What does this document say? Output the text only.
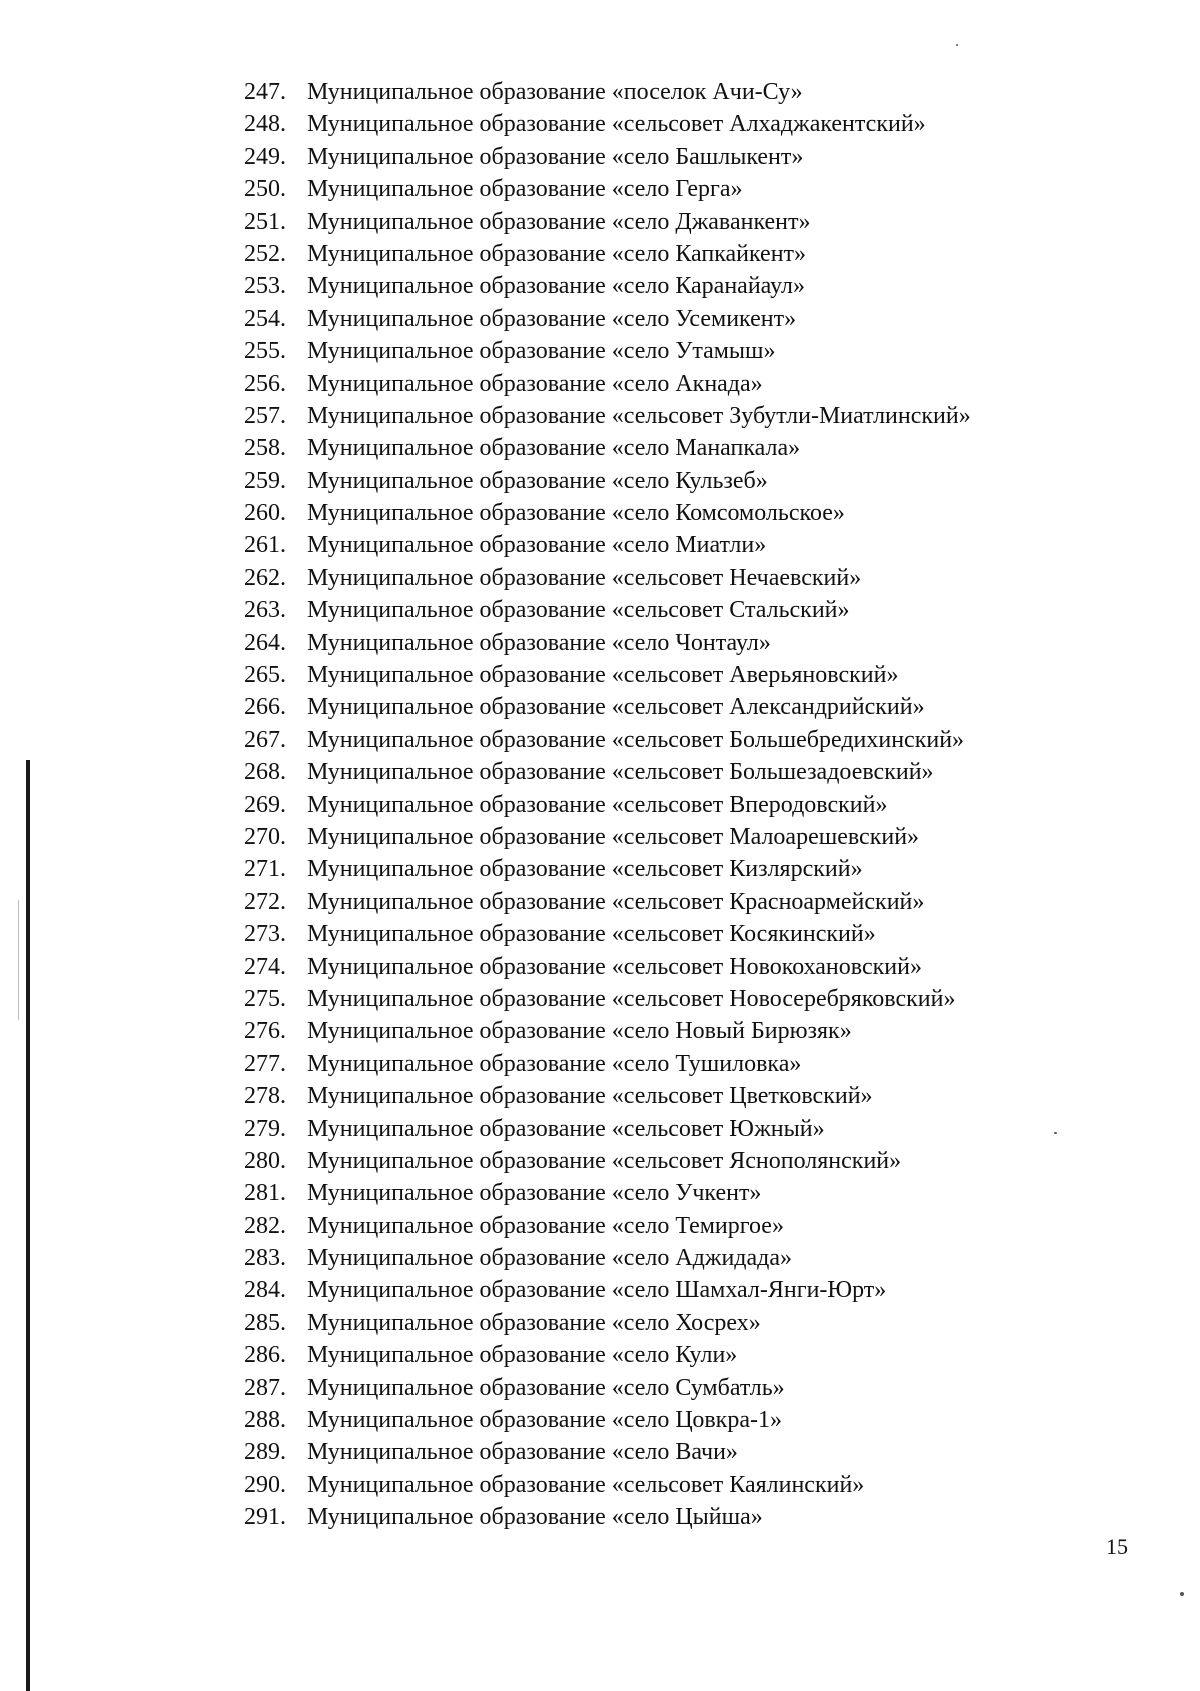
247. Муниципальное образование «поселок Ачи-Су»
248. Муниципальное образование «сельсовет Алхаджакентский»
249. Муниципальное образование «село Башлыкент»
250. Муниципальное образование «село Герга»
251. Муниципальное образование «село Джаванкент»
252. Муниципальное образование «село Капкайкент»
253. Муниципальное образование «село Каранайаул»
254. Муниципальное образование «село Усемикент»
255. Муниципальное образование «село Утамыш»
256. Муниципальное образование «село Акнада»
257. Муниципальное образование «сельсовет Зубутли-Миатлинский»
258. Муниципальное образование «село Манапкала»
259. Муниципальное образование «село Кульзеб»
260. Муниципальное образование «село Комсомольское»
261. Муниципальное образование «село Миатли»
262. Муниципальное образование «сельсовет Нечаевский»
263. Муниципальное образование «сельсовет Стальский»
264. Муниципальное образование «село Чонтаул»
265. Муниципальное образование «сельсовет Аверьяновский»
266. Муниципальное образование «сельсовет Александрийский»
267. Муниципальное образование «сельсовет Большебредихинский»
268. Муниципальное образование «сельсовет Большезадоевский»
269. Муниципальное образование «сельсовет Вперодовский»
270. Муниципальное образование «сельсовет Малоарешевский»
271. Муниципальное образование «сельсовет Кизлярский»
272. Муниципальное образование «сельсовет Красноармейский»
273. Муниципальное образование «сельсовет Косякинский»
274. Муниципальное образование «сельсовет Новокохановский»
275. Муниципальное образование «сельсовет Новосеребряковский»
276. Муниципальное образование «село Новый Бирюзяк»
277. Муниципальное образование «село Тушиловка»
278. Муниципальное образование «сельсовет Цветковский»
279. Муниципальное образование «сельсовет Южный»
280. Муниципальное образование «сельсовет Яснополянский»
281. Муниципальное образование «село Учкент»
282. Муниципальное образование «село Темиргое»
283. Муниципальное образование «село Аджидада»
284. Муниципальное образование «село Шамхал-Янги-Юрт»
285. Муниципальное образование «село Хосрех»
286. Муниципальное образование «село Кули»
287. Муниципальное образование «село Сумбатль»
288. Муниципальное образование «село Цовкра-1»
289. Муниципальное образование «село Вачи»
290. Муниципальное образование «сельсовет Каялинский»
291. Муниципальное образование «село Цыйша»
15
